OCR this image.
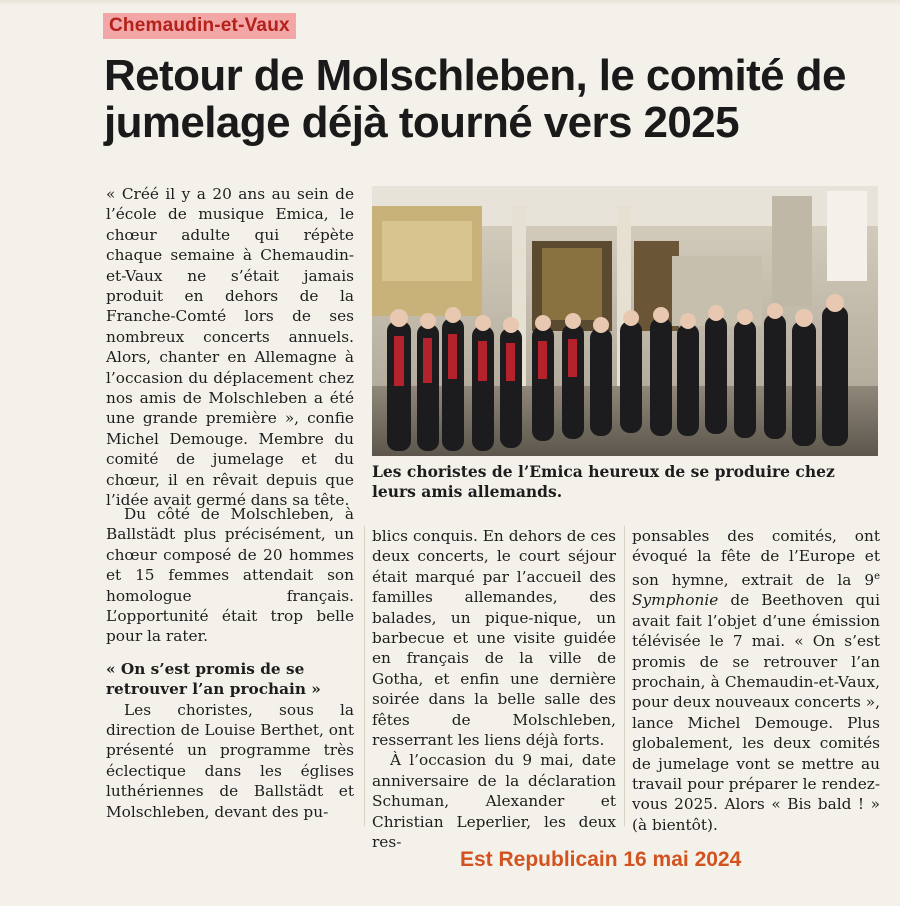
Chemaudin-et-Vaux
Retour de Molschleben, le comité de jumelage déjà tourné vers 2025

« Créé il y a 20 ans au sein de l’école de musique Emica, le chœur adulte qui répète chaque semaine à Chemaudin-et-Vaux ne s’était jamais produit en dehors de la Franche-Comté lors de ses nombreux concerts annuels. Alors, chanter en Allemagne à l’occasion du déplacement chez nos amis de Molschleben a été une grande première », confie Michel Demouge. Membre du comité de jumelage et du chœur, il en rêvait depuis que l’idée avait germé dans sa tête.

Du côté de Molschleben, à Ballstädt plus précisément, un chœur composé de 20 hommes et 15 femmes attendait son homologue français. L’opportunité était trop belle pour la rater.

« On s’est promis de se retrouver l’an prochain »

Les choristes, sous la direction de Louise Berthet, ont présenté un programme très éclectique dans les églises luthériennes de Ballstädt et Molschleben, devant des pu-

Les choristes de l’Emica heureux de se produire chez leurs amis allemands.

blics conquis. En dehors de ces deux concerts, le court séjour était marqué par l’accueil des familles allemandes, des balades, un pique-nique, un barbecue et une visite guidée en français de la ville de Gotha, et enfin une dernière soirée dans la belle salle des fêtes de Molschleben, resserrant les liens déjà forts.

À l’occasion du 9 mai, date anniversaire de la déclaration Schuman, Alexander et Christian Leperlier, les deux res-

ponsables des comités, ont évoqué la fête de l’Europe et son hymne, extrait de la 9e Symphonie de Beethoven qui avait fait l’objet d’une émission télévisée le 7 mai. « On s’est promis de se retrouver l’an prochain, à Chemaudin-et-Vaux, pour deux nouveaux concerts », lance Michel Demouge. Plus globalement, les deux comités de jumelage vont se mettre au travail pour préparer le rendez-vous 2025. Alors « Bis bald ! » (à bientôt).

Est Republicain 16 mai 2024
